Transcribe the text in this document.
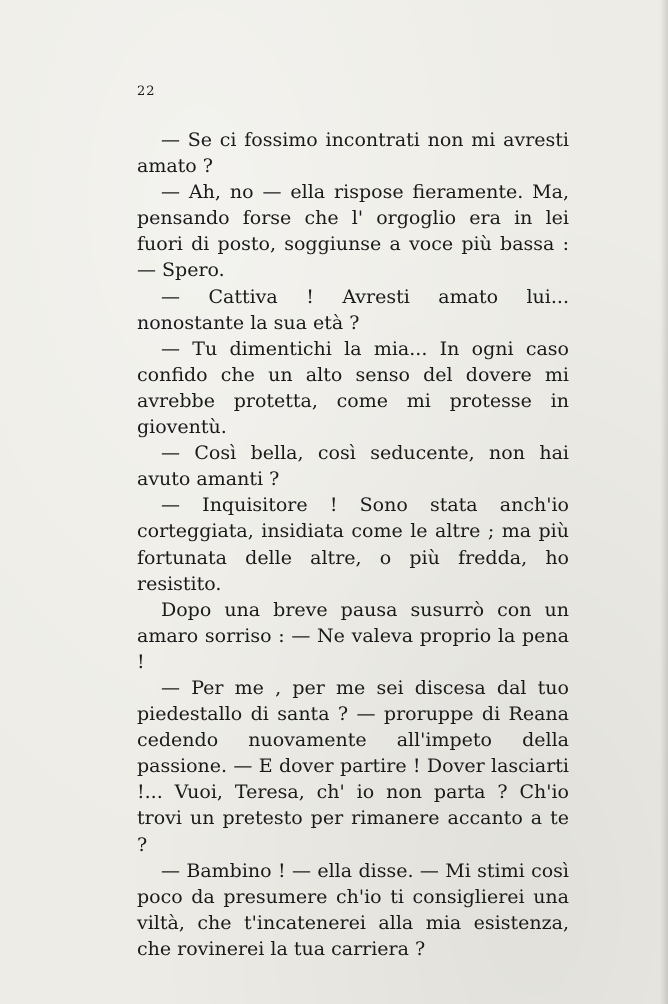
22

— Se ci fossimo incontrati non mi avresti amato ?

— Ah, no — ella rispose fieramente. Ma, pensando forse che l' orgoglio era in lei fuori di posto, soggiunse a voce più bassa : — Spero.

— Cattiva ! Avresti amato lui... nonostante la sua età ?

— Tu dimentichi la mia... In ogni caso confido che un alto senso del dovere mi avrebbe protetta, come mi protesse in gioventù.

— Così bella, così seducente, non hai avuto amanti ?

— Inquisitore ! Sono stata anch'io corteggiata, insidiata come le altre ; ma più fortunata delle altre, o più fredda, ho resistito.

Dopo una breve pausa susurrò con un amaro sorriso : — Ne valeva proprio la pena !

— Per me , per me sei discesa dal tuo piedestallo di santa ? — proruppe di Reana cedendo nuovamente all'impeto della passione. — E dover partire ! Dover lasciarti !... Vuoi, Teresa, ch' io non parta ? Ch'io trovi un pretesto per rimanere accanto a te ?

— Bambino ! — ella disse. — Mi stimi così poco da presumere ch'io ti consiglierei una viltà, che t'incatenerei alla mia esistenza, che rovinerei la tua carriera ?
